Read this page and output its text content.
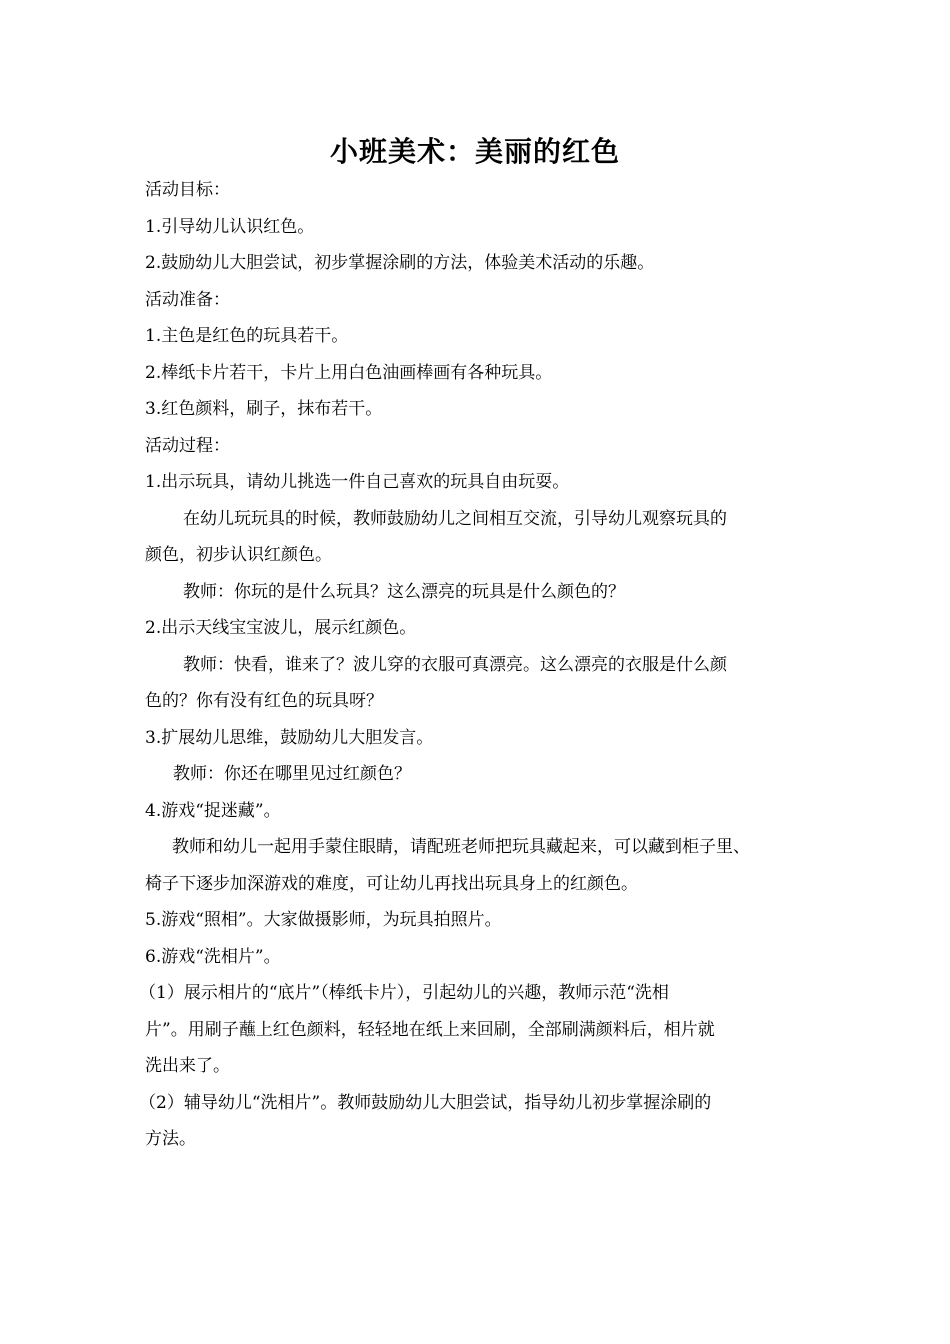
小班美术：美丽的红色

活动目标：

1.引导幼儿认识红色。

2.鼓励幼儿大胆尝试，初步掌握涂刷的方法，体验美术活动的乐趣。

活动准备：

1.主色是红色的玩具若干。

2.棒纸卡片若干，卡片上用白色油画棒画有各种玩具。

3.红色颜料，刷子，抹布若干。

活动过程：

1.出示玩具，请幼儿挑选一件自己喜欢的玩具自由玩耍。

在幼儿玩玩具的时候，教师鼓励幼儿之间相互交流，引导幼儿观察玩具的

颜色，初步认识红颜色。

教师：你玩的是什么玩具？这么漂亮的玩具是什么颜色的？

2.出示天线宝宝波儿，展示红颜色。

教师：快看，谁来了？波儿穿的衣服可真漂亮。这么漂亮的衣服是什么颜

色的？你有没有红色的玩具呀？

3.扩展幼儿思维，鼓励幼儿大胆发言。

教师：你还在哪里见过红颜色？

4.游戏“捉迷藏”。

教师和幼儿一起用手蒙住眼睛，请配班老师把玩具藏起来，可以藏到柜子里、

椅子下逐步加深游戏的难度，可让幼儿再找出玩具身上的红颜色。

5.游戏“照相”。大家做摄影师，为玩具拍照片。

6.游戏“洗相片”。

（1）展示相片的“底片”（棒纸卡片），引起幼儿的兴趣，教师示范“洗相

片”。用刷子蘸上红色颜料，轻轻地在纸上来回刷，全部刷满颜料后，相片就

洗出来了。

（2）辅导幼儿“洗相片”。教师鼓励幼儿大胆尝试，指导幼儿初步掌握涂刷的

方法。
